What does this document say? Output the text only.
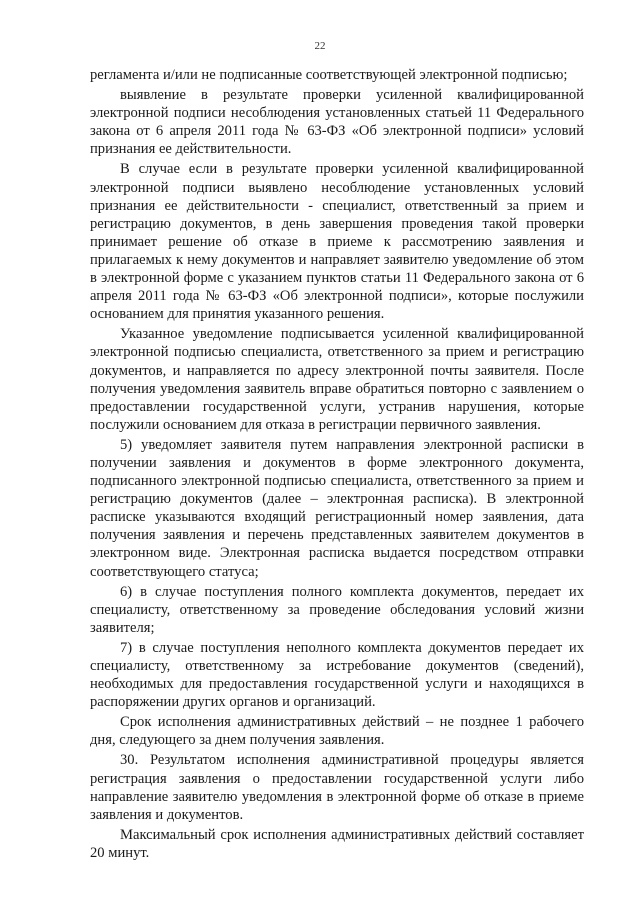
22

регламента и/или не подписанные соответствующей электронной подписью;

выявление в результате проверки усиленной квалифицированной электронной подписи несоблюдения установленных статьей 11 Федерального закона от 6 апреля 2011 года № 63-ФЗ «Об электронной подписи» условий признания ее действительности.

В случае если в результате проверки усиленной квалифицированной электронной подписи выявлено несоблюдение установленных условий признания ее действительности - специалист, ответственный за прием и регистрацию документов, в день завершения проведения такой проверки принимает решение об отказе в приеме к рассмотрению заявления и прилагаемых к нему документов и направляет заявителю уведомление об этом в электронной форме с указанием пунктов статьи 11 Федерального закона от 6 апреля 2011 года № 63-ФЗ «Об электронной подписи», которые послужили основанием для принятия указанного решения.

Указанное уведомление подписывается усиленной квалифицированной электронной подписью специалиста, ответственного за прием и регистрацию документов, и направляется по адресу электронной почты заявителя. После получения уведомления заявитель вправе обратиться повторно с заявлением о предоставлении государственной услуги, устранив нарушения, которые послужили основанием для отказа в регистрации первичного заявления.

5) уведомляет заявителя путем направления электронной расписки в получении заявления и документов в форме электронного документа, подписанного электронной подписью специалиста, ответственного за прием и регистрацию документов (далее – электронная расписка). В электронной расписке указываются входящий регистрационный номер заявления, дата получения заявления и перечень представленных заявителем документов в электронном виде. Электронная расписка выдается посредством отправки соответствующего статуса;

6) в случае поступления полного комплекта документов, передает их специалисту, ответственному за проведение обследования условий жизни заявителя;

7) в случае поступления неполного комплекта документов передает их специалисту, ответственному за истребование документов (сведений), необходимых для предоставления государственной услуги и находящихся в распоряжении других органов и организаций.

Срок исполнения административных действий – не позднее 1 рабочего дня, следующего за днем получения заявления.

30. Результатом исполнения административной процедуры является регистрация заявления о предоставлении государственной услуги либо направление заявителю уведомления в электронной форме об отказе в приеме заявления и документов.

Максимальный срок исполнения административных действий составляет 20 минут.
